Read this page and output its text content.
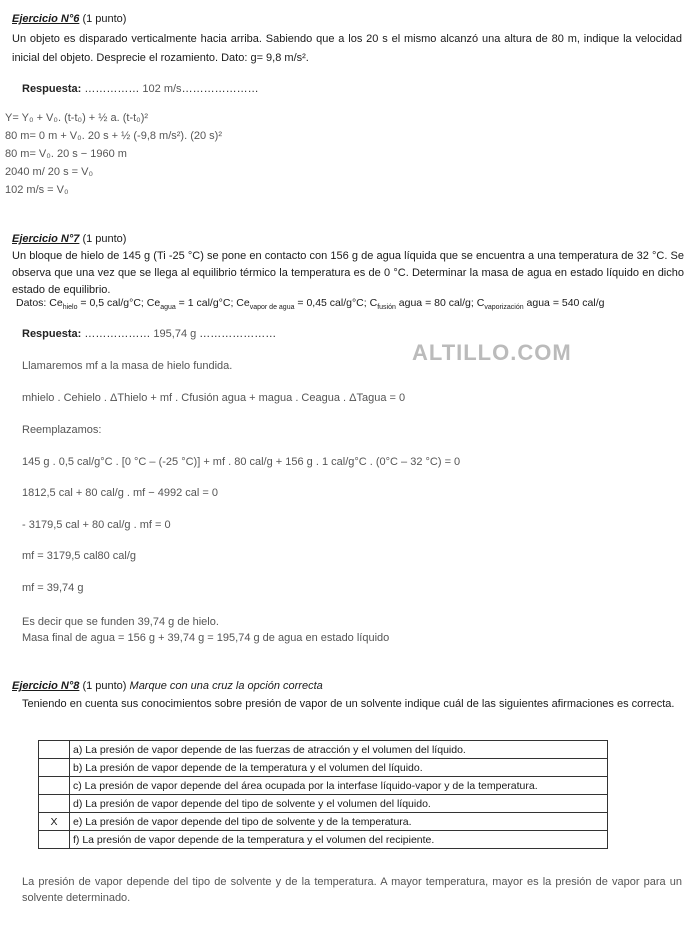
Ejercicio N°6 (1 punto)
Un objeto es disparado verticalmente hacia arriba. Sabiendo que a los 20 s el mismo alcanzó una altura de 80 m, indique la velocidad inicial del objeto. Desprecie el rozamiento. Dato: g= 9,8 m/s².
Respuesta: …………… 102 m/s…………………
Y= Y₀ + V₀. (t-t₀) + ½ a. (t-t₀)²
80 m= 0 m + V₀. 20 s + ½ (-9,8 m/s²). (20 s)²
80 m= V₀. 20 s − 1960 m
2040 m/ 20 s = V₀
102 m/s = V₀
Ejercicio N°7 (1 punto)
Un bloque de hielo de 145 g (Ti -25 °C) se pone en contacto con 156 g de agua líquida que se encuentra a una temperatura de 32 °C. Se observa que una vez que se llega al equilibrio térmico la temperatura es de 0 °C. Determinar la masa de agua en estado líquido en dicho estado de equilibrio.
Datos: $Ce_{hielo} = 0,5$ cal/g°C; $Ce_{agua} = 1$ cal/g°C; $Ce_{vapor de agua} = 0,45$ cal/g°C; $C_{fusión}$ agua = 80 cal/g; $C_{vaporización}$ agua = 540 cal/g
Respuesta: ……………… 195,74 g …………………
ALTILLO.COM
Llamaremos mf a la masa de hielo fundida.
mhielo . Cehielo . ΔThielo + mf . Cfusión agua + magua . Ceagua . ΔTagua = 0
Reemplazamos:
145 g . 0,5 cal/g°C . [0 °C – (-25 °C)] + mf . 80 cal/g + 156 g . 1 cal/g°C . (0°C – 32 °C) = 0
1812,5 cal + 80 cal/g . mf − 4992 cal = 0
- 3179,5 cal + 80 cal/g . mf = 0
mf = 3179,5 cal80 cal/g
mf = 39,74 g
Es decir que se funden 39,74 g de hielo.
Masa final de agua = 156 g + 39,74 g = 195,74 g de agua en estado líquido
Ejercicio N°8 (1 punto) Marque con una cruz la opción correcta
Teniendo en cuenta sus conocimientos sobre presión de vapor de un solvente indique cuál de las siguientes afirmaciones es correcta.
	a) La presión de vapor depende de las fuerzas de atracción y el volumen del líquido.
	b) La presión de vapor depende de la temperatura y el volumen del líquido.
	c) La presión de vapor depende del área ocupada por la interfase líquido-vapor y de la temperatura.
	d) La presión de vapor depende del tipo de solvente y el volumen del líquido.
X	e) La presión de vapor depende del tipo de solvente y de la temperatura.
	f) La presión de vapor depende de la temperatura y el volumen del recipiente.
La presión de vapor depende del tipo de solvente y de la temperatura. A mayor temperatura, mayor es la presión de vapor para un solvente determinado.
